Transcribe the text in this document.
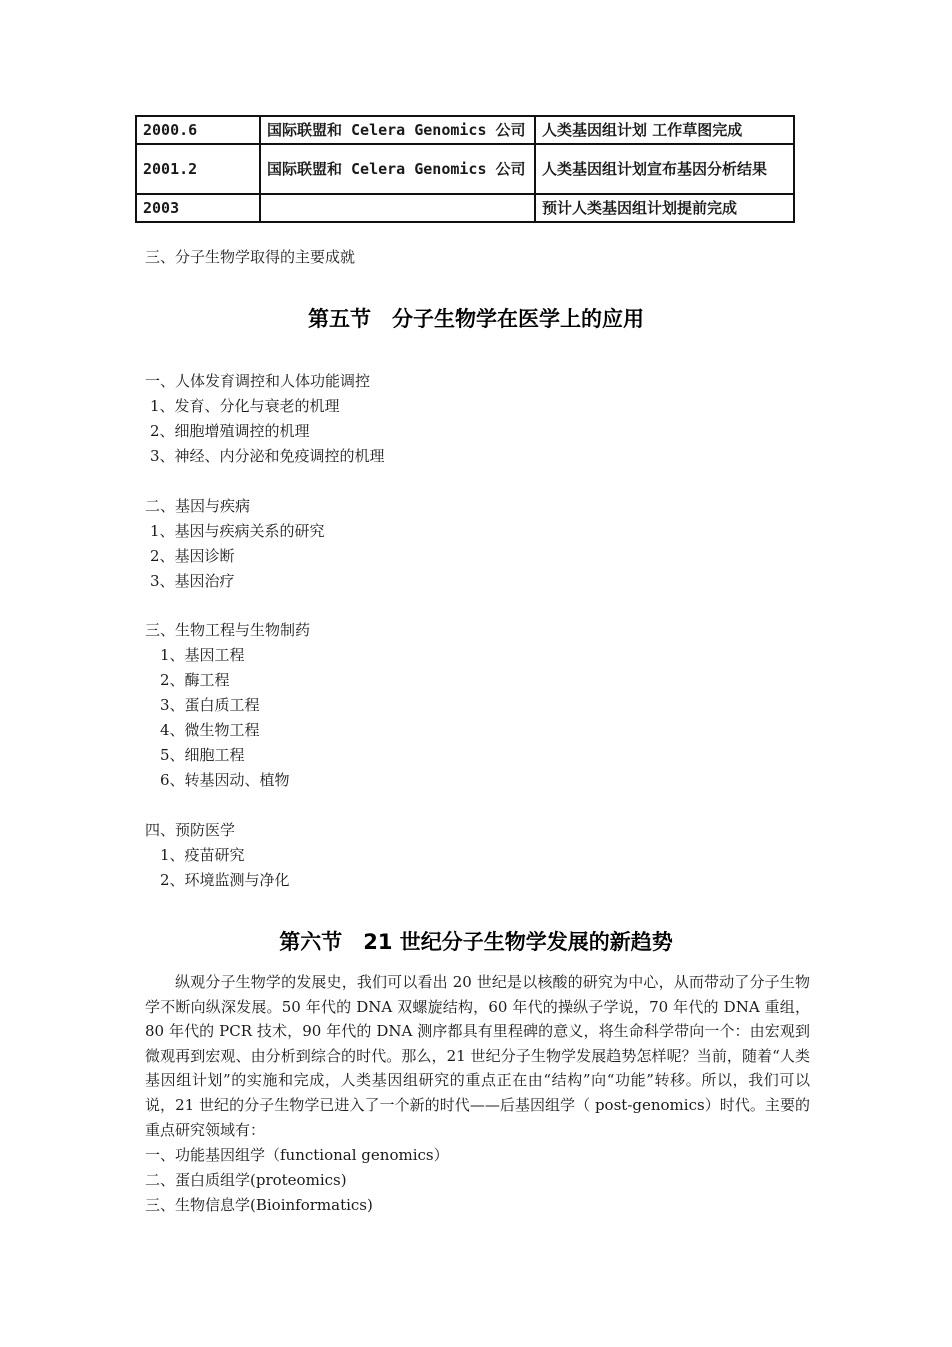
2000.6	国际联盟和 Celera Genomics 公司	人类基因组计划 工作草图完成
2001.2	国际联盟和 Celera Genomics 公司	人类基因组计划宣布基因分析结果
2003		预计人类基因组计划提前完成
三、分子生物学取得的主要成就
第五节　分子生物学在医学上的应用
一、人体发育调控和人体功能调控
1、发育、分化与衰老的机理
2、细胞增殖调控的机理
3、神经、内分泌和免疫调控的机理
二、基因与疾病
1、基因与疾病关系的研究
2、基因诊断
3、基因治疗
三、生物工程与生物制药
1、基因工程
2、酶工程
3、蛋白质工程
4、微生物工程
5、细胞工程
6、转基因动、植物
四、预防医学
1、疫苗研究
2、环境监测与净化
第六节　21 世纪分子生物学发展的新趋势
纵观分子生物学的发展史，我们可以看出 20 世纪是以核酸的研究为中心，从而带动了分子生物学不断向纵深发展。50 年代的 DNA 双螺旋结构，60 年代的操纵子学说，70 年代的 DNA 重组，80 年代的 PCR 技术，90 年代的 DNA 测序都具有里程碑的意义，将生命科学带向一个：由宏观到微观再到宏观、由分析到综合的时代。那么，21 世纪分子生物学发展趋势怎样呢？当前，随着“人类基因组计划”的实施和完成，人类基因组研究的重点正在由“结构”向“功能”转移。所以，我们可以说，21 世纪的分子生物学已进入了一个新的时代——后基因组学（ post-genomics）时代。主要的重点研究领域有：
一、功能基因组学（functional genomics）
二、蛋白质组学(proteomics)
三、生物信息学(Bioinformatics)
